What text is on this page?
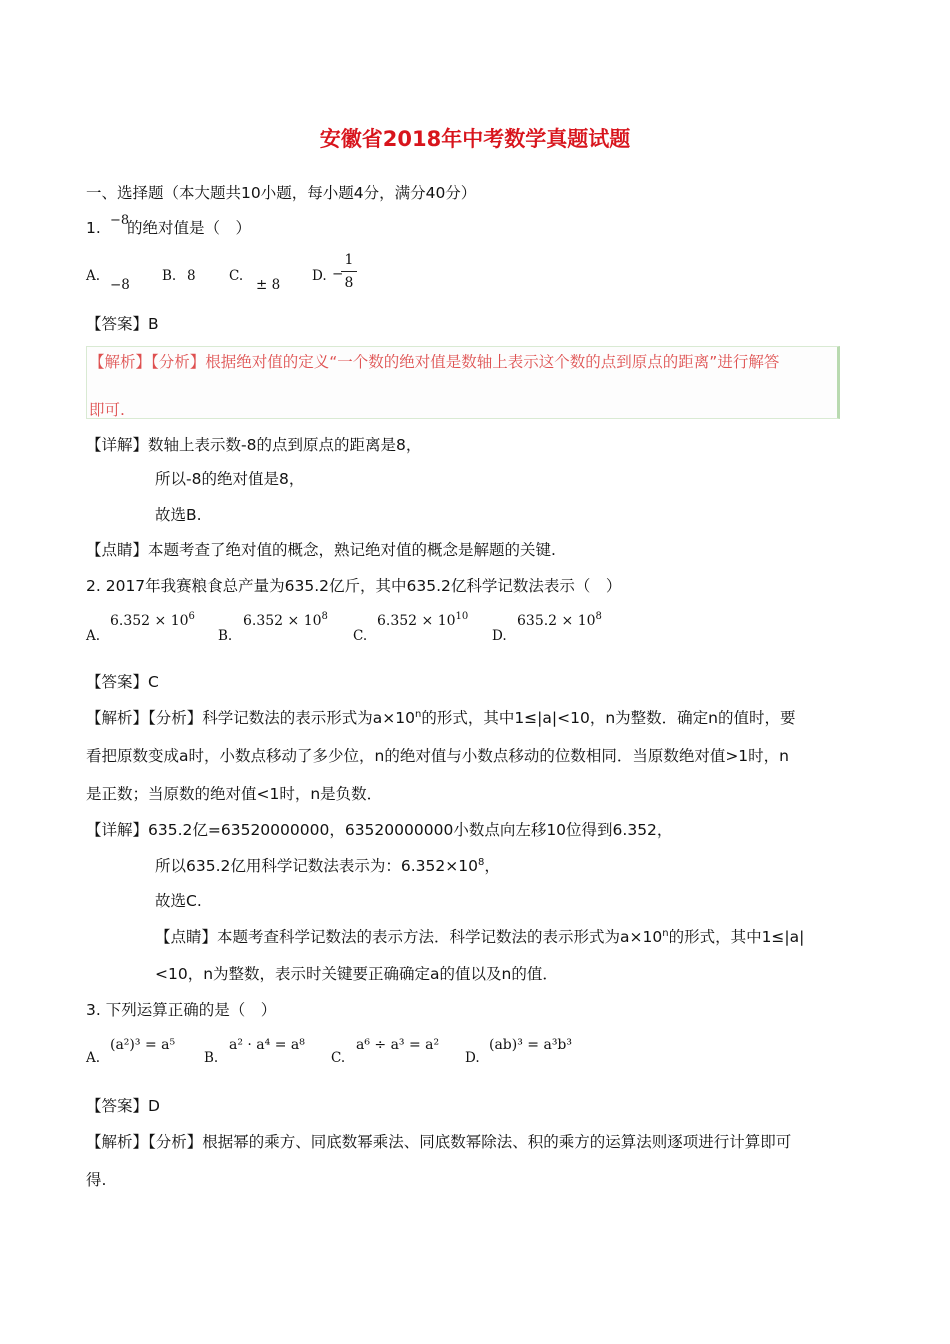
安徽省2018年中考数学真题试题
一、选择题（本大题共10小题，每小题4分，满分40分）
1. −8
的绝对值是（　）
A.
−8
B. 8 C.
± 8
D. −
1
8
【答案】B
【解析】【分析】根据绝对值的定义“一个数的绝对值是数轴上表示这个数的点到原点的距离”进行解答
即可.
【详解】数轴上表示数-8的点到原点的距离是8，
所以-8的绝对值是8，
故选B.
【点睛】本题考查了绝对值的概念，熟记绝对值的概念是解题的关键.
2. 2017年我赛粮食总产量为635.2亿斤，其中635.2亿科学记数法表示（　）
A.
$6.352 \times 10^6$
B.
$6.352 \times 10^8$
C.
$6.352 \times 10^{10}$
D.
$635.2 \times 10^8$
【答案】C
【解析】【分析】科学记数法的表示形式为$a\times 10^n$的形式，其中1≤|a|<10，n为整数．确定n的值时，要
看把原数变成a时，小数点移动了多少位，n的绝对值与小数点移动的位数相同．当原数绝对值>1时，n
是正数；当原数的绝对值<1时，n是负数．
【详解】635.2亿=63520000000，63520000000小数点向左移10位得到6.352，
所以635.2亿用科学记数法表示为：$6.352\times 10^8$，
故选C.
【点睛】本题考查科学记数法的表示方法．科学记数法的表示形式为$a\times 10^n$的形式，其中1≤|a|
<10，n为整数，表示时关键要正确确定a的值以及n的值．
3. 下列运算正确的是（　）
A.
(a²)³ = a⁵
B.
a² · a⁴ = a⁸
C.
a⁶ ÷ a³ = a²
D.
(ab)³ = a³b³
【答案】D
【解析】【分析】根据幂的乘方、同底数幂乘法、同底数幂除法、积的乘方的运算法则逐项进行计算即可
得.
